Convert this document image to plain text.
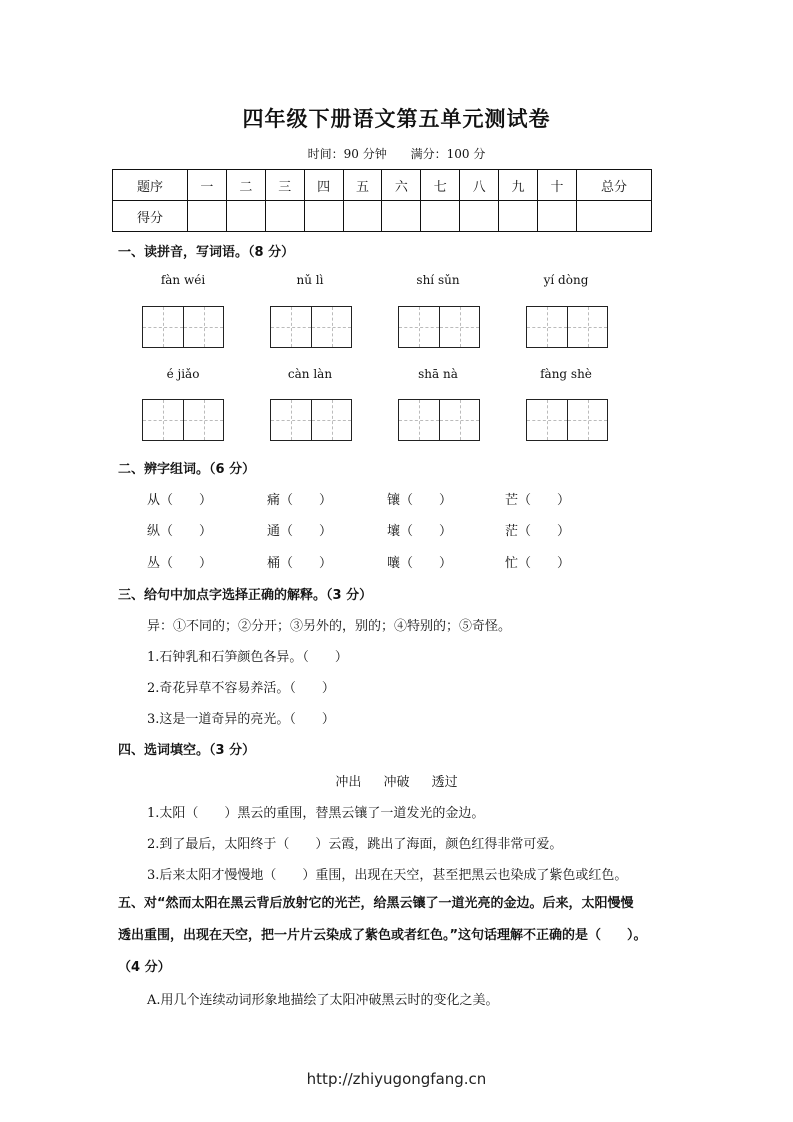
四年级下册语文第五单元测试卷
时间：90 分钟 满分：100 分
题序	一	二	三	四	五	六	七	八	九	十	总分
得分											
一、读拼音，写词语。（8 分）
fàn wéi	nǔ lì	shí sǔn	yí dòng
é jiǎo	càn làn	shā nà	fàng shè
二、辨字组词。（6 分）
从（　　）	痛（　　）	镶（　　）	芒（　　）
纵（　　）	通（　　）	壤（　　）	茫（　　）
丛（　　）	桶（　　）	嚷（　　）	忙（　　）
三、给句中加点字选择正确的解释。（3 分）
异：①不同的；②分开；③另外的，别的；④特别的；⑤奇怪。
1.石钟乳和石笋颜色各异。（　　）
2.奇花异草不容易养活。（　　）
3.这是一道奇异的亮光。（　　）
四、选词填空。（3 分）
冲出 冲破 透过
1.太阳（　　）黑云的重围，替黑云镶了一道发光的金边。
2.到了最后，太阳终于（　　）云霞，跳出了海面，颜色红得非常可爱。
3.后来太阳才慢慢地（　　）重围，出现在天空，甚至把黑云也染成了紫色或红色。
五、对“然而太阳在黑云背后放射它的光芒，给黑云镶了一道光亮的金边。后来，太阳慢慢
透出重围，出现在天空，把一片片云染成了紫色或者红色。”这句话理解不正确的是（　　）。
（4 分）
A.用几个连续动词形象地描绘了太阳冲破黑云时的变化之美。
http://zhiyugongfang.cn
